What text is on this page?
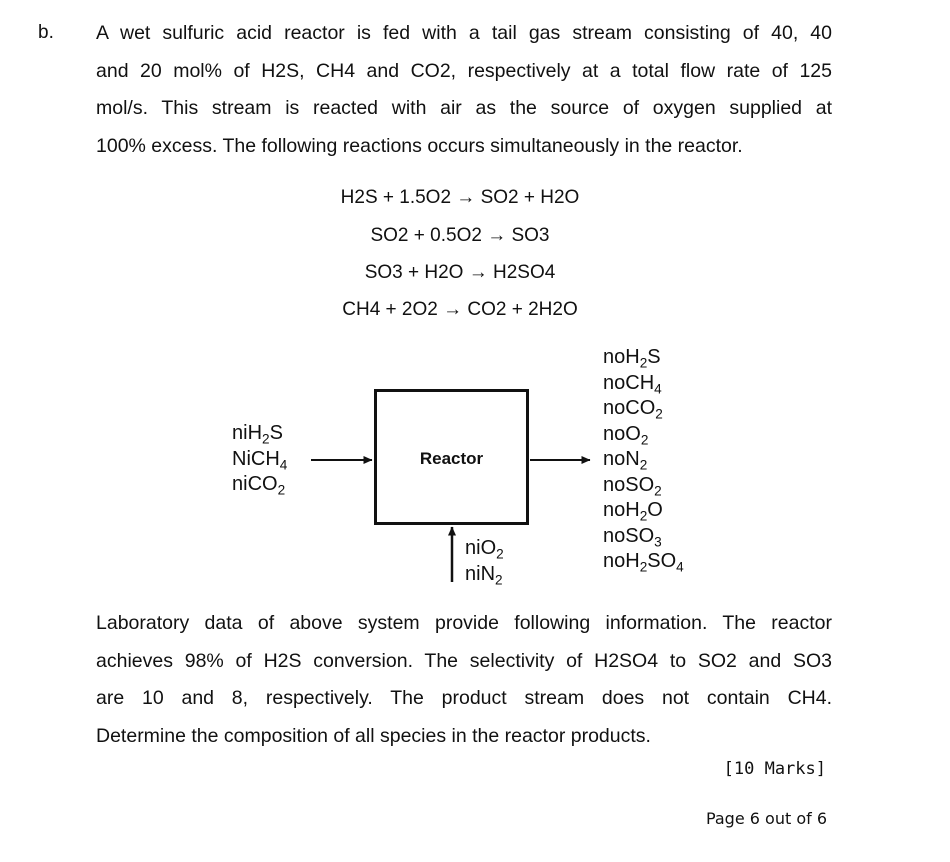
b. A wet sulfuric acid reactor is fed with a tail gas stream consisting of 40, 40
and 20 mol% of H2S, CH4 and CO2, respectively at a total flow rate of 125
mol/s. This stream is reacted with air as the source of oxygen supplied at
100% excess. The following reactions occurs simultaneously in the reactor.
H2S + 1.5O2 → SO2 + H2O
SO2 + 0.5O2 → SO3
SO3 + H2O → H2SO4
CH4 + 2O2 → CO2 + 2H2O
Reactor
niH$_2$S
NiCH$_4$
niCO$_2$
niO$_2$
niN$_2$
noH$_2$S
noCH$_4$
noCO$_2$
noO$_2$
noN$_2$
noSO$_2$
noH$_2$O
noSO$_3$
$noH_2SO_4$
Laboratory data of above system provide following information. The reactor
achieves 98% of H2S conversion. The selectivity of H2SO4 to SO2 and SO3
are 10 and 8, respectively. The product stream does not contain CH4.
Determine the composition of all species in the reactor products.
[10 Marks]
Page 6 out of 6
